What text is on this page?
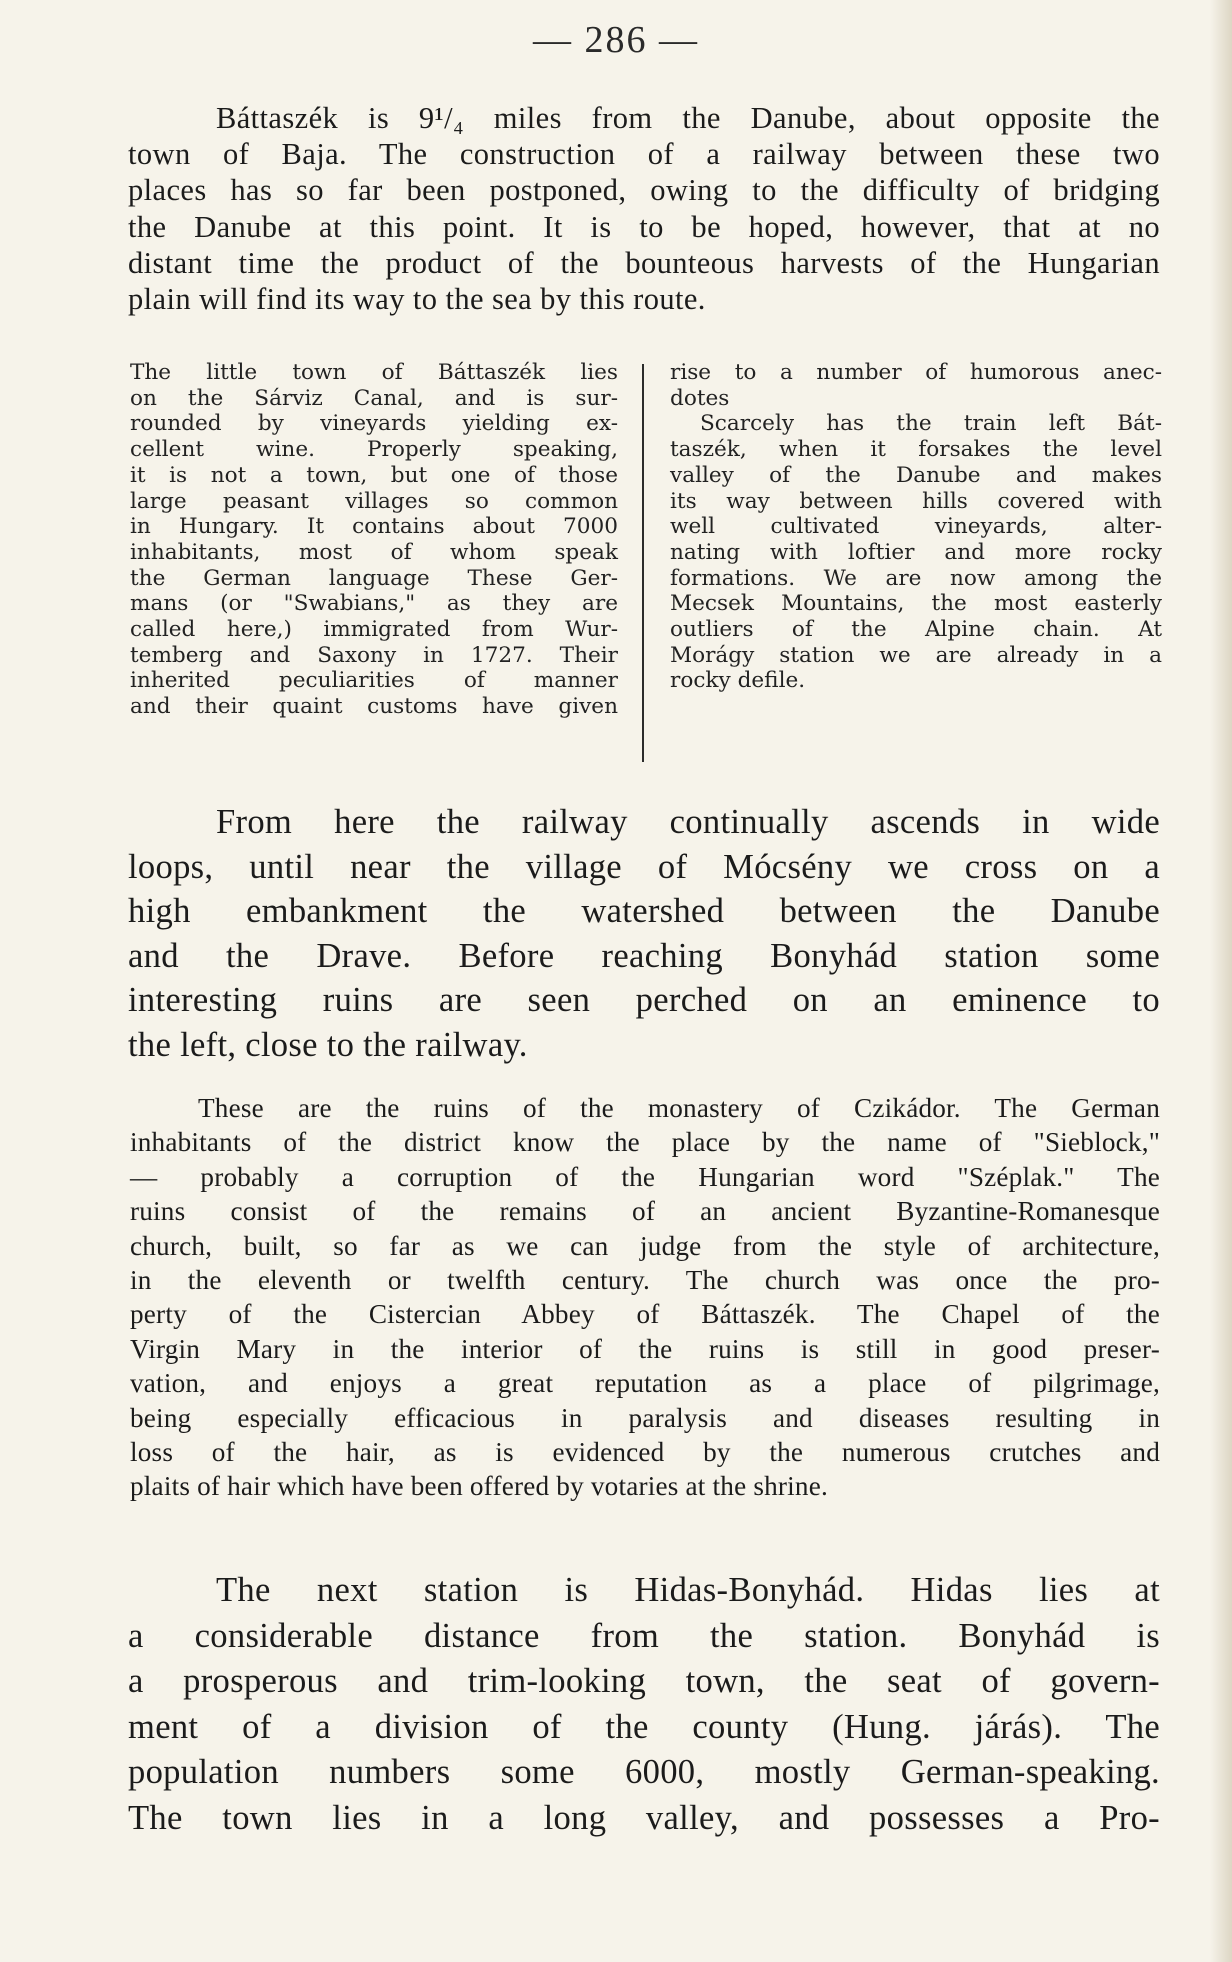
— 286 —

Báttaszék is 9¹/₄ miles from the Danube, about opposite the
town of Baja. The construction of a railway between these two
places has so far been postponed, owing to the difficulty of bridging
the Danube at this point. It is to be hoped, however, that at no
distant time the product of the bounteous harvests of the Hungarian
plain will find its way to the sea by this route.

The little town of Báttaszék lies
on the Sárviz Canal, and is sur-
rounded by vineyards yielding ex-
cellent wine. Properly speaking,
it is not a town, but one of those
large peasant villages so common
in Hungary. It contains about 7000
inhabitants, most of whom speak
the German language These Ger-
mans (or "Swabians," as they are
called here,) immigrated from Wur-
temberg and Saxony in 1727. Their
inherited peculiarities of manner
and their quaint customs have given
rise to a number of humorous anec-
dotes
Scarcely has the train left Bát-
taszék, when it forsakes the level
valley of the Danube and makes
its way between hills covered with
well cultivated vineyards, alter-
nating with loftier and more rocky
formations. We are now among the
Mecsek Mountains, the most easterly
outliers of the Alpine chain. At
Morágy station we are already in a
rocky defile.
From here the railway continually ascends in wide
loops, until near the village of Mócsény we cross on a
high embankment the watershed between the Danube
and the Drave. Before reaching Bonyhád station some
interesting ruins are seen perched on an eminence to
the left, close to the railway.
These are the ruins of the monastery of Czikádor. The German
inhabitants of the district know the place by the name of "Sieblock,"
— probably a corruption of the Hungarian word "Széplak." The
ruins consist of the remains of an ancient Byzantine-Romanesque
church, built, so far as we can judge from the style of architecture,
in the eleventh or twelfth century. The church was once the pro-
perty of the Cistercian Abbey of Báttaszék. The Chapel of the
Virgin Mary in the interior of the ruins is still in good preser-
vation, and enjoys a great reputation as a place of pilgrimage,
being especially efficacious in paralysis and diseases resulting in
loss of the hair, as is evidenced by the numerous crutches and
plaits of hair which have been offered by votaries at the shrine.
The next station is Hidas-Bonyhád. Hidas lies at
a considerable distance from the station. Bonyhád is
a prosperous and trim-looking town, the seat of govern-
ment of a division of the county (Hung. járás). The
population numbers some 6000, mostly German-speaking.
The town lies in a long valley, and possesses a Pro-
